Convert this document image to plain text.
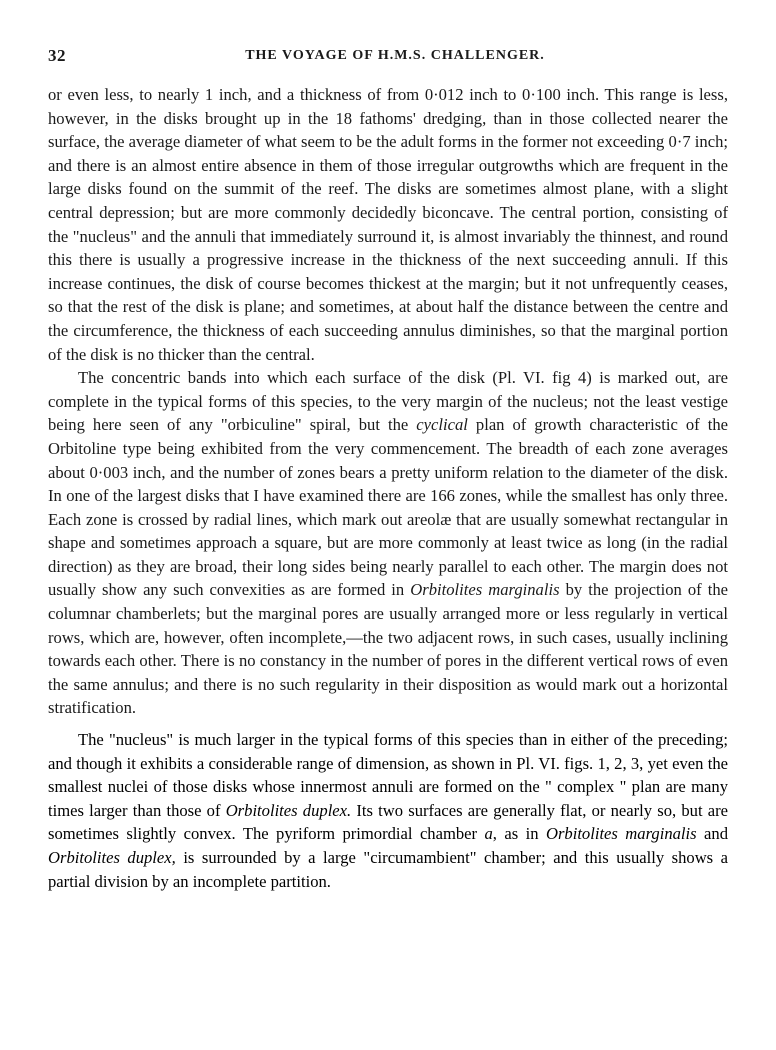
32	THE VOYAGE OF H.M.S. CHALLENGER.

or even less, to nearly 1 inch, and a thickness of from 0·012 inch to 0·100 inch. This range is less, however, in the disks brought up in the 18 fathoms' dredging, than in those collected nearer the surface, the average diameter of what seem to be the adult forms in the former not exceeding 0·7 inch; and there is an almost entire absence in them of those irregular outgrowths which are frequent in the large disks found on the summit of the reef. The disks are sometimes almost plane, with a slight central depression; but are more commonly decidedly biconcave. The central portion, consisting of the "nucleus" and the annuli that immediately surround it, is almost invariably the thinnest, and round this there is usually a progressive increase in the thickness of the next succeeding annuli. If this increase continues, the disk of course becomes thickest at the margin; but it not unfrequently ceases, so that the rest of the disk is plane; and sometimes, at about half the distance between the centre and the circumference, the thickness of each succeeding annulus diminishes, so that the marginal portion of the disk is no thicker than the central.

The concentric bands into which each surface of the disk (Pl. VI. fig 4) is marked out, are complete in the typical forms of this species, to the very margin of the nucleus; not the least vestige being here seen of any "orbiculine" spiral, but the cyclical plan of growth characteristic of the Orbitoline type being exhibited from the very commencement. The breadth of each zone averages about 0·003 inch, and the number of zones bears a pretty uniform relation to the diameter of the disk. In one of the largest disks that I have examined there are 166 zones, while the smallest has only three. Each zone is crossed by radial lines, which mark out areolæ that are usually somewhat rectangular in shape and sometimes approach a square, but are more commonly at least twice as long (in the radial direction) as they are broad, their long sides being nearly parallel to each other. The margin does not usually show any such convexities as are formed in Orbitolites marginalis by the projection of the columnar chamberlets; but the marginal pores are usually arranged more or less regularly in vertical rows, which are, however, often incomplete,—the two adjacent rows, in such cases, usually inclining towards each other. There is no constancy in the number of pores in the different vertical rows of even the same annulus; and there is no such regularity in their disposition as would mark out a horizontal stratification.

The "nucleus" is much larger in the typical forms of this species than in either of the preceding; and though it exhibits a considerable range of dimension, as shown in Pl. VI. figs. 1, 2, 3, yet even the smallest nuclei of those disks whose innermost annuli are formed on the " complex " plan are many times larger than those of Orbitolites duplex. Its two surfaces are generally flat, or nearly so, but are sometimes slightly convex. The pyriform primordial chamber a, as in Orbitolites marginalis and Orbitolites duplex, is surrounded by a large "circumambient" chamber; and this usually shows a partial division by an incomplete partition.
